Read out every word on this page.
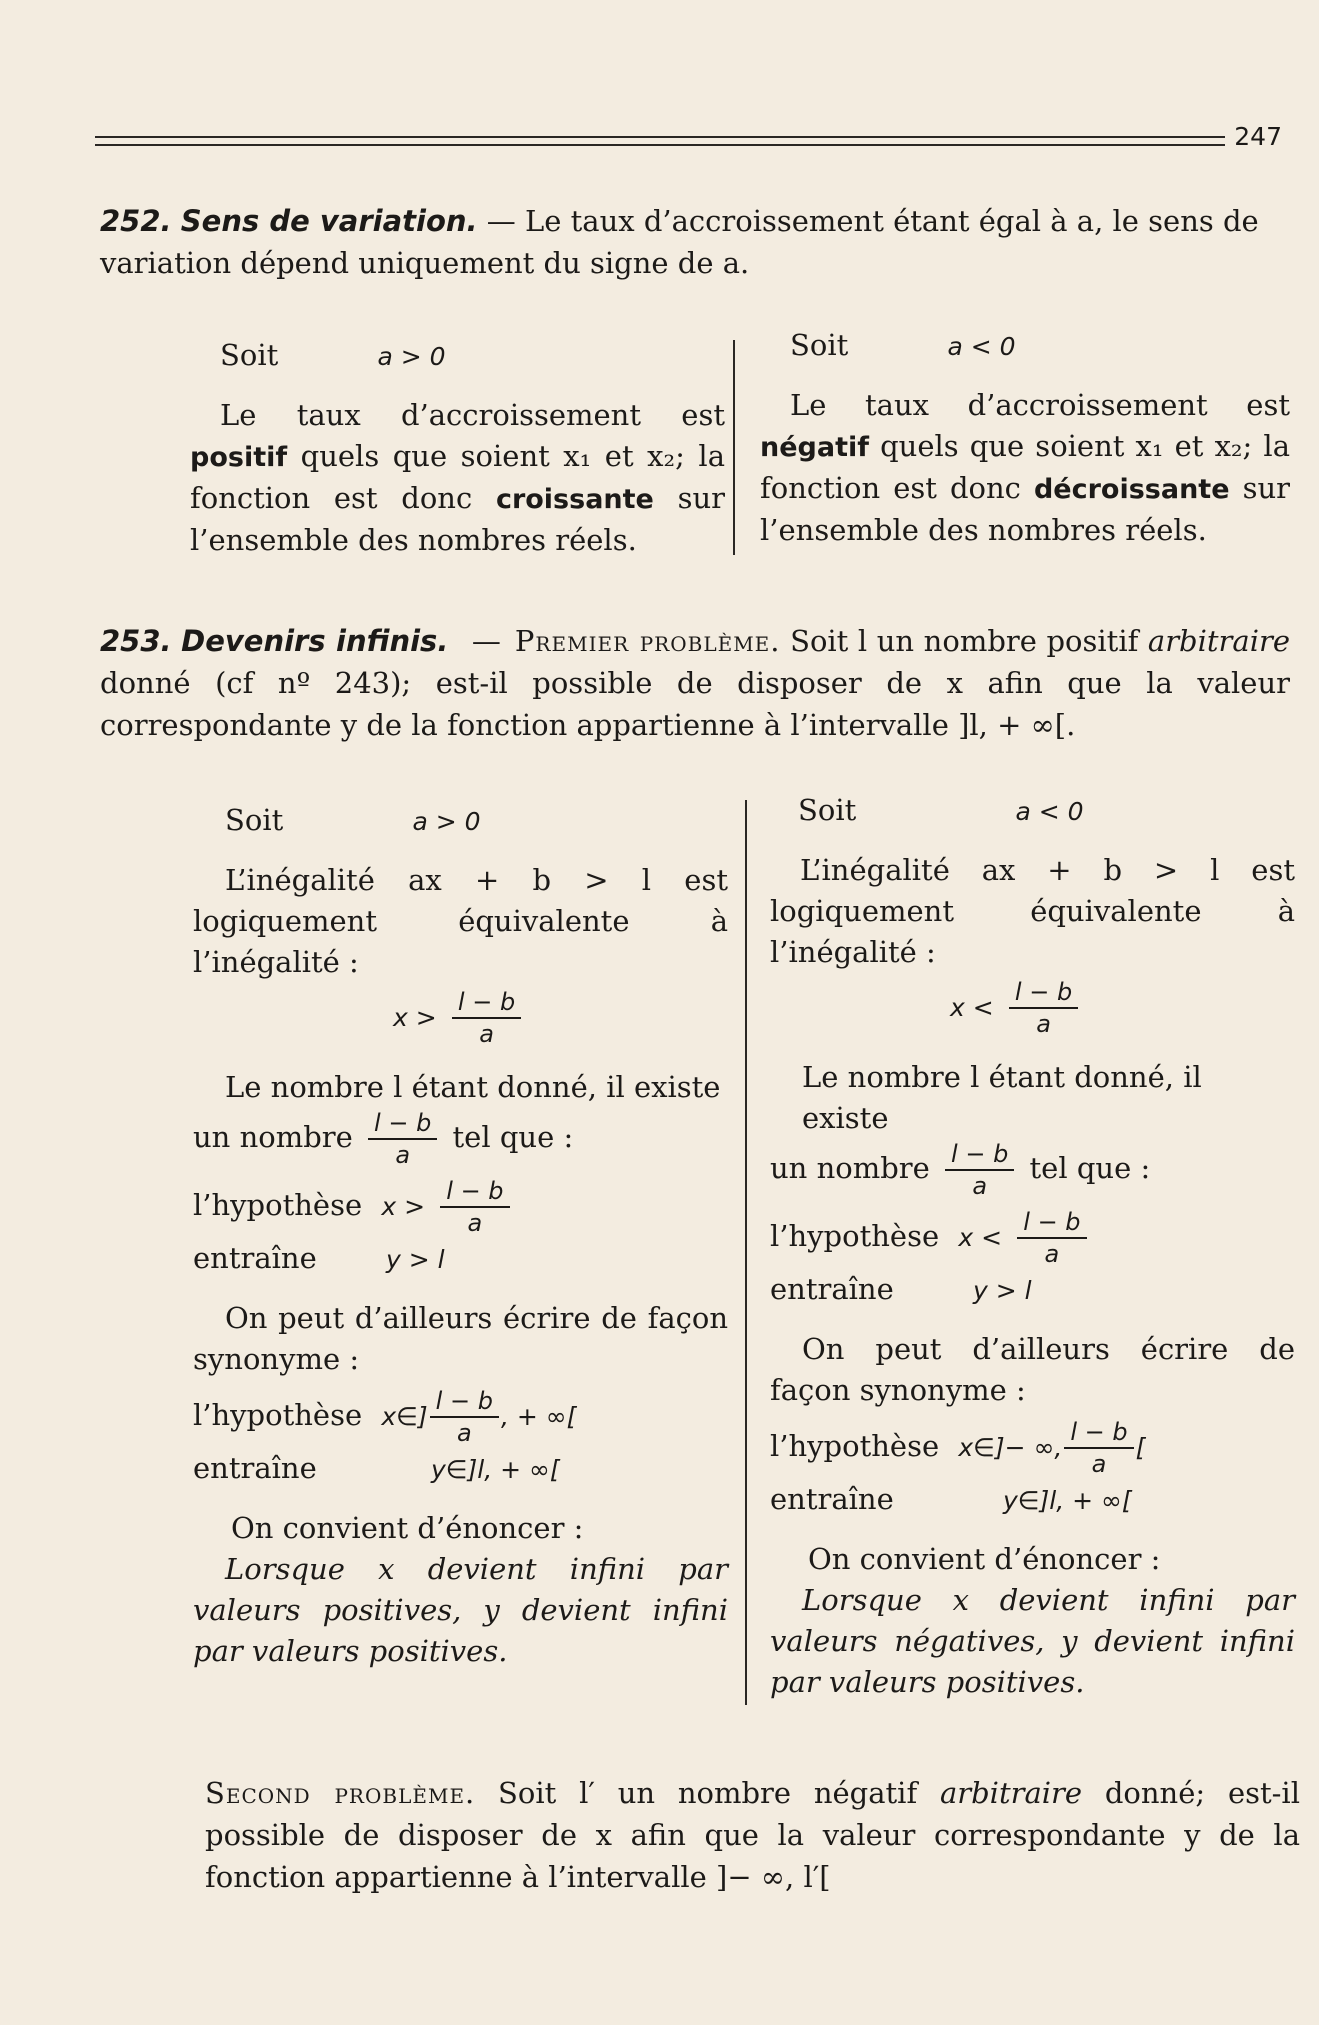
247
252. Sens de variation. — Le taux d’accroissement étant égal à a, le sens de variation dépend uniquement du signe de a.
Soit	a > 0
Le taux d’accroissement est positif quels que soient x₁ et x₂; la fonction est donc croissante sur l’ensemble des nombres réels.
Soit	a < 0
Le taux d’accroissement est négatif quels que soient x₁ et x₂; la fonction est donc décroissante sur l’ensemble des nombres réels.
253. Devenirs infinis. — Premier problème. Soit l un nombre positif arbitraire donné (cf nº 243); est-il possible de disposer de x afin que la valeur correspondante y de la fonction appartienne à l’intervalle ]l, + ∞[.
Soit	a > 0
L’inégalité ax + b > l est logiquement équivalente à l’inégalité :
$x > \frac{l - b}{a}$
Le nombre l étant donné, il existe
un nombre $\frac{l - b}{a}$ tel que :
l’hypothèse $x > \frac{l - b}{a}$
entraîne	y > l
On peut d’ailleurs écrire de façon synonyme :
l’hypothèse x∈] $\frac{l - b}{a}$ , + ∞[
entraîne	y∈]l, + ∞[
On convient d’énoncer :
Lorsque x devient infini par valeurs positives, y devient infini par valeurs positives.
Soit	a < 0
L’inégalité ax + b > l est logiquement équivalente à l’inégalité :
$x < \frac{l - b}{a}$
Le nombre l étant donné, il existe
un nombre $\frac{l - b}{a}$ tel que :
l’hypothèse $x < \frac{l - b}{a}$
entraîne	y > l
On peut d’ailleurs écrire de façon synonyme :
l’hypothèse x∈]− ∞, $\frac{l - b}{a}$ [
entraîne	y∈]l, + ∞[
On convient d’énoncer :
Lorsque x devient infini par valeurs négatives, y devient infini par valeurs positives.
Second problème. Soit l′ un nombre négatif arbitraire donné; est-il possible de disposer de x afin que la valeur correspondante y de la fonction appartienne à l’intervalle ]− ∞, l′[
